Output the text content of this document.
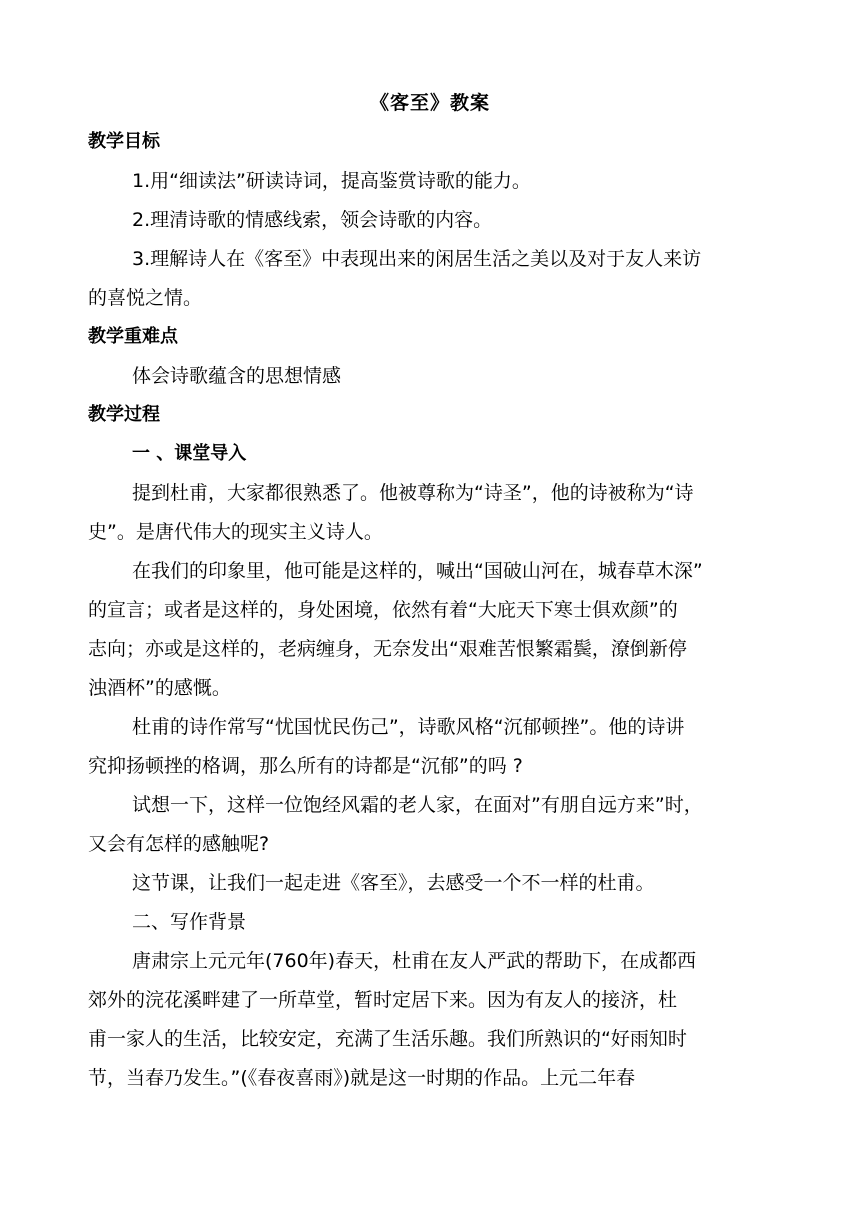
《客至》教案
教学目标
1.用“细读法”研读诗词，提高鉴赏诗歌的能力。
2.理清诗歌的情感线索，领会诗歌的内容。
3.理解诗人在《客至》中表现出来的闲居生活之美以及对于友人来访
的喜悦之情。
教学重难点
体会诗歌蕴含的思想情感
教学过程
一 、课堂导入
提到杜甫，大家都很熟悉了。他被尊称为“诗圣”，他的诗被称为“诗
史”。是唐代伟大的现实主义诗人。
在我们的印象里，他可能是这样的，喊出“国破山河在，城春草木深”
的宣言；或者是这样的，身处困境，依然有着“大庇天下寒士俱欢颜”的
志向；亦或是这样的，老病缠身，无奈发出“艰难苦恨繁霜鬓，潦倒新停
浊酒杯”的感慨。
杜甫的诗作常写“忧国忧民伤己”，诗歌风格“沉郁顿挫”。他的诗讲
究抑扬顿挫的格调，那么所有的诗都是“沉郁”的吗 ?
试想一下，这样一位饱经风霜的老人家，在面对”有朋自远方来”时，
又会有怎样的感触呢?
这节课，让我们一起走进《客至》，去感受一个不一样的杜甫。
二、写作背景
唐肃宗上元元年(760年)春天，杜甫在友人严武的帮助下，在成都西
郊外的浣花溪畔建了一所草堂，暂时定居下来。因为有友人的接济，杜
甫一家人的生活，比较安定，充满了生活乐趣。我们所熟识的“好雨知时
节，当春乃发生。”(《春夜喜雨》)就是这一时期的作品。上元二年春
